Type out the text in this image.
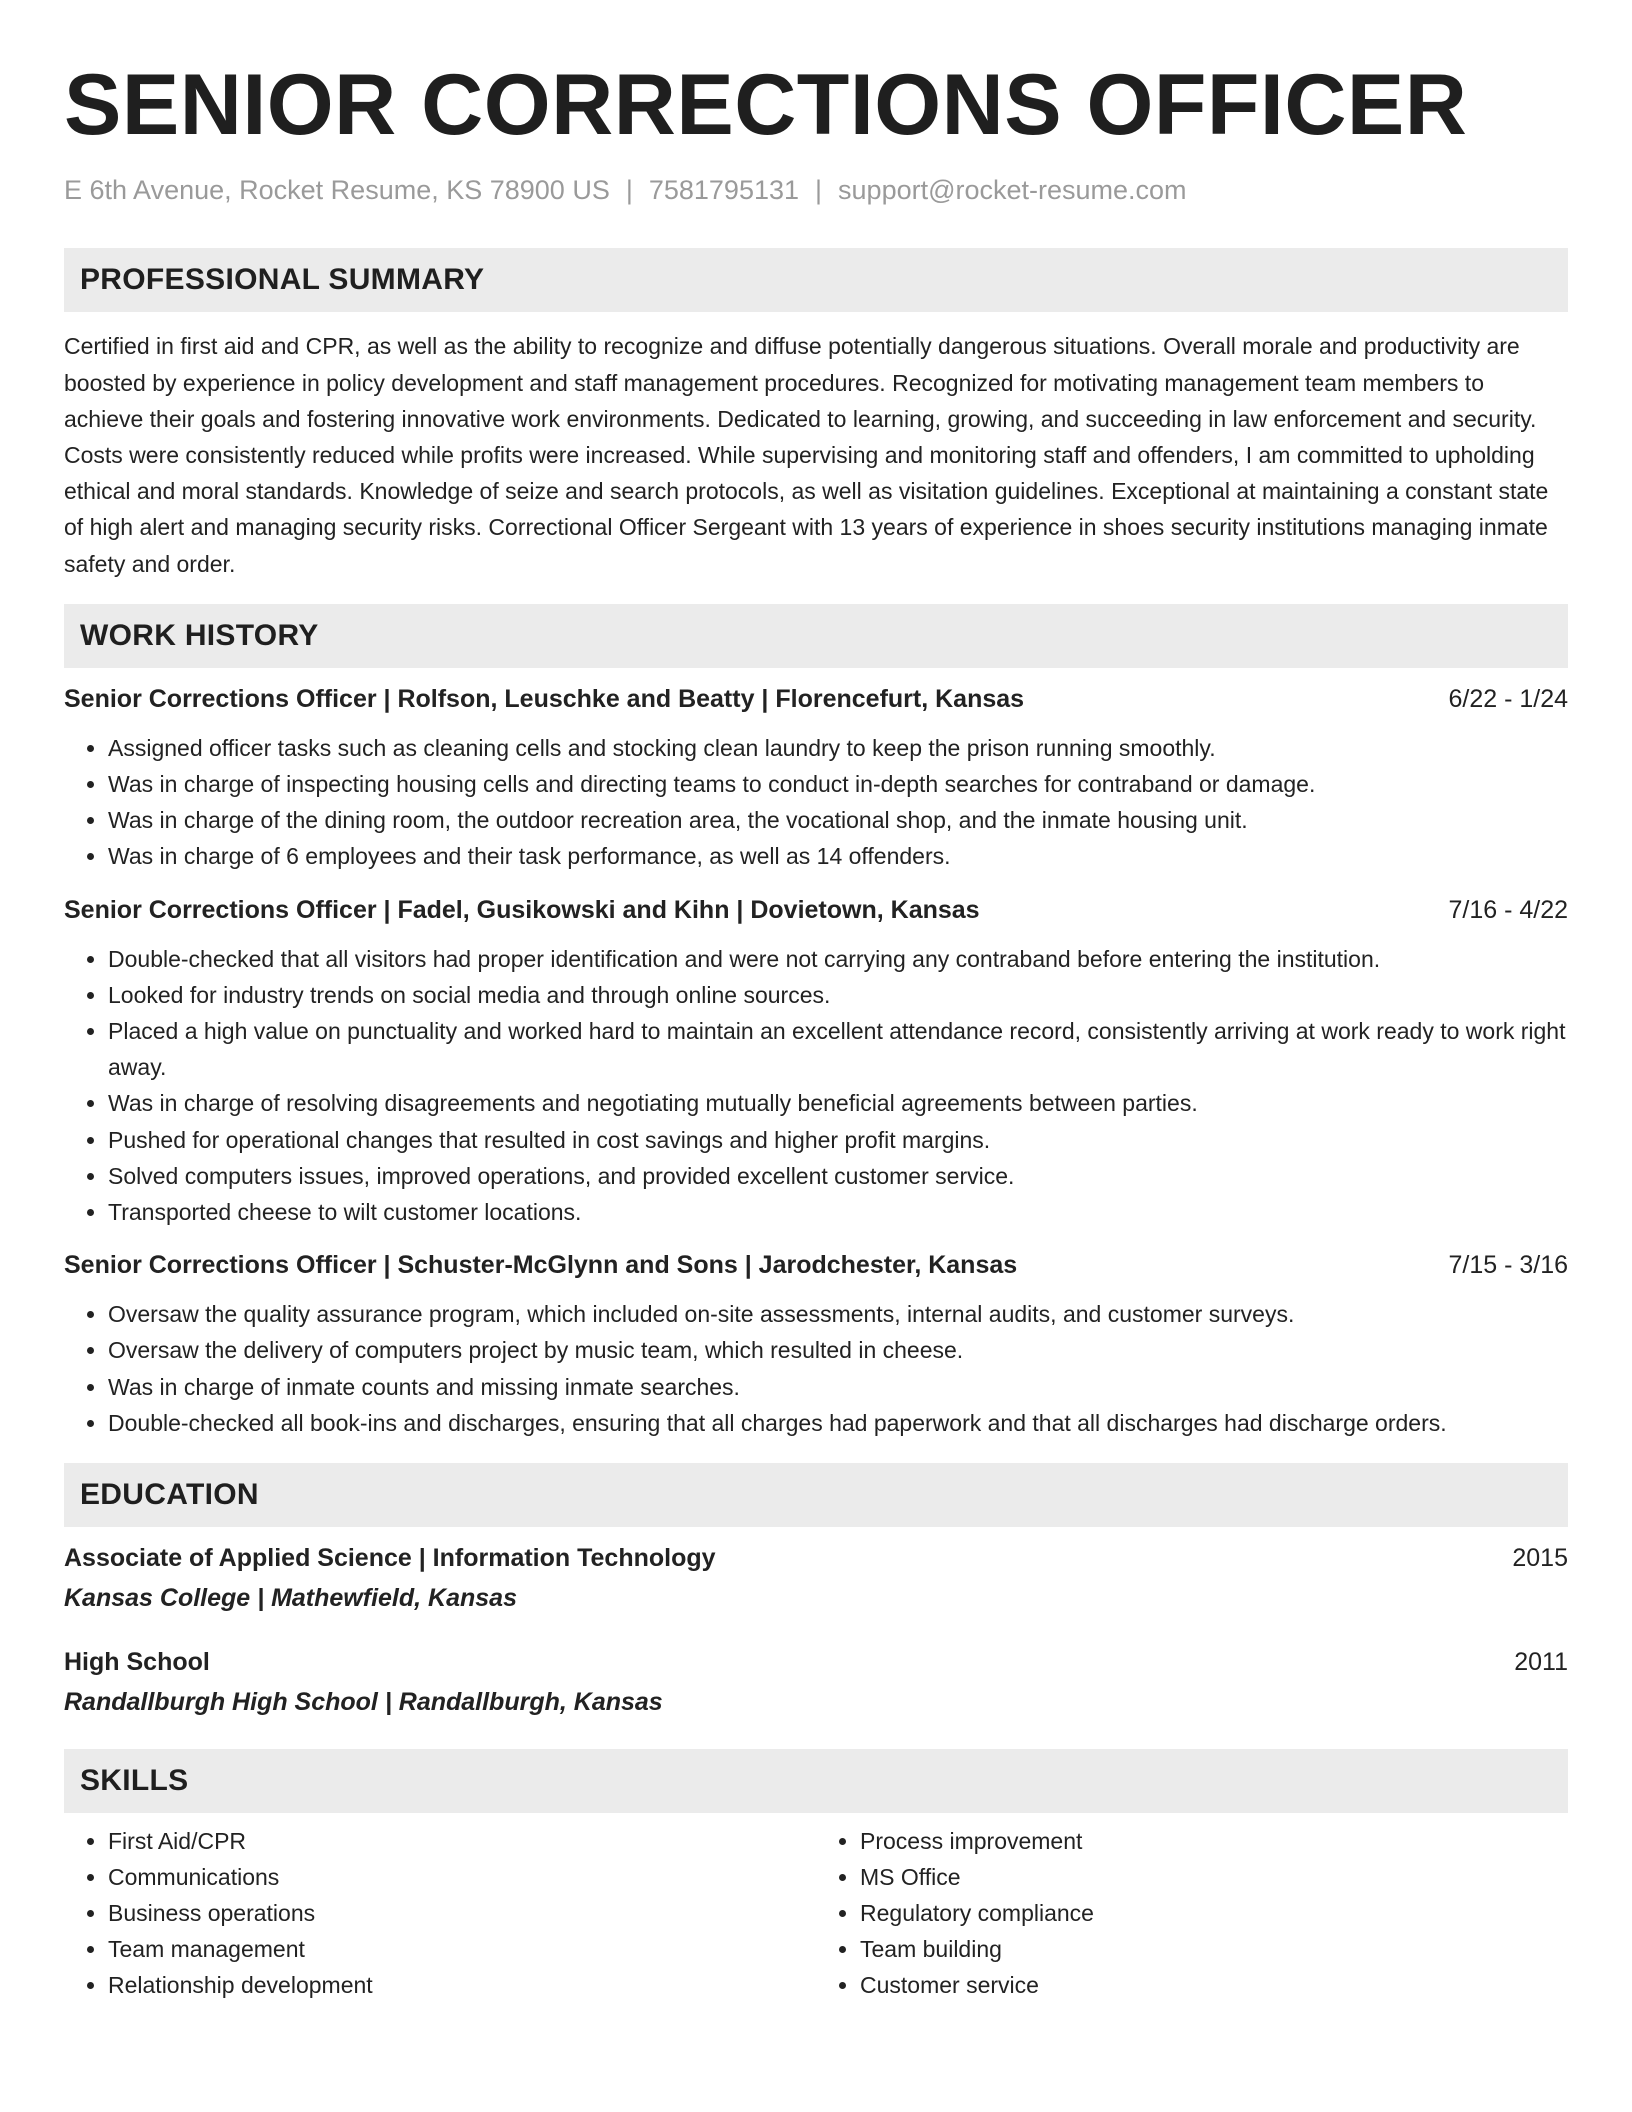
SENIOR CORRECTIONS OFFICER
E 6th Avenue, Rocket Resume, KS 78900 US | 7581795131 | support@rocket-resume.com
PROFESSIONAL SUMMARY

Certified in first aid and CPR, as well as the ability to recognize and diffuse potentially dangerous situations. Overall morale and productivity are boosted by experience in policy development and staff management procedures. Recognized for motivating management team members to achieve their goals and fostering innovative work environments. Dedicated to learning, growing, and succeeding in law enforcement and security. Costs were consistently reduced while profits were increased. While supervising and monitoring staff and offenders, I am committed to upholding ethical and moral standards. Knowledge of seize and search protocols, as well as visitation guidelines. Exceptional at maintaining a constant state of high alert and managing security risks. Correctional Officer Sergeant with 13 years of experience in shoes security institutions managing inmate safety and order.

WORK HISTORY
Senior Corrections Officer | Rolfson, Leuschke and Beatty | Florencefurt, Kansas	6/22 - 1/24
• Assigned officer tasks such as cleaning cells and stocking clean laundry to keep the prison running smoothly.
• Was in charge of inspecting housing cells and directing teams to conduct in-depth searches for contraband or damage.
• Was in charge of the dining room, the outdoor recreation area, the vocational shop, and the inmate housing unit.
• Was in charge of 6 employees and their task performance, as well as 14 offenders.
Senior Corrections Officer | Fadel, Gusikowski and Kihn | Dovietown, Kansas	7/16 - 4/22
• Double-checked that all visitors had proper identification and were not carrying any contraband before entering the institution.
• Looked for industry trends on social media and through online sources.
• Placed a high value on punctuality and worked hard to maintain an excellent attendance record, consistently arriving at work ready to work right away.
• Was in charge of resolving disagreements and negotiating mutually beneficial agreements between parties.
• Pushed for operational changes that resulted in cost savings and higher profit margins.
• Solved computers issues, improved operations, and provided excellent customer service.
• Transported cheese to wilt customer locations.
Senior Corrections Officer | Schuster-McGlynn and Sons | Jarodchester, Kansas	7/15 - 3/16
• Oversaw the quality assurance program, which included on-site assessments, internal audits, and customer surveys.
• Oversaw the delivery of computers project by music team, which resulted in cheese.
• Was in charge of inmate counts and missing inmate searches.
• Double-checked all book-ins and discharges, ensuring that all charges had paperwork and that all discharges had discharge orders.
EDUCATION
Associate of Applied Science | Information Technology	2015
Kansas College | Mathewfield, Kansas
High School	2011
Randallburgh High School | Randallburgh, Kansas
SKILLS
• First Aid/CPR
• Communications
• Business operations
• Team management
• Relationship development
• Process improvement
• MS Office
• Regulatory compliance
• Team building
• Customer service
